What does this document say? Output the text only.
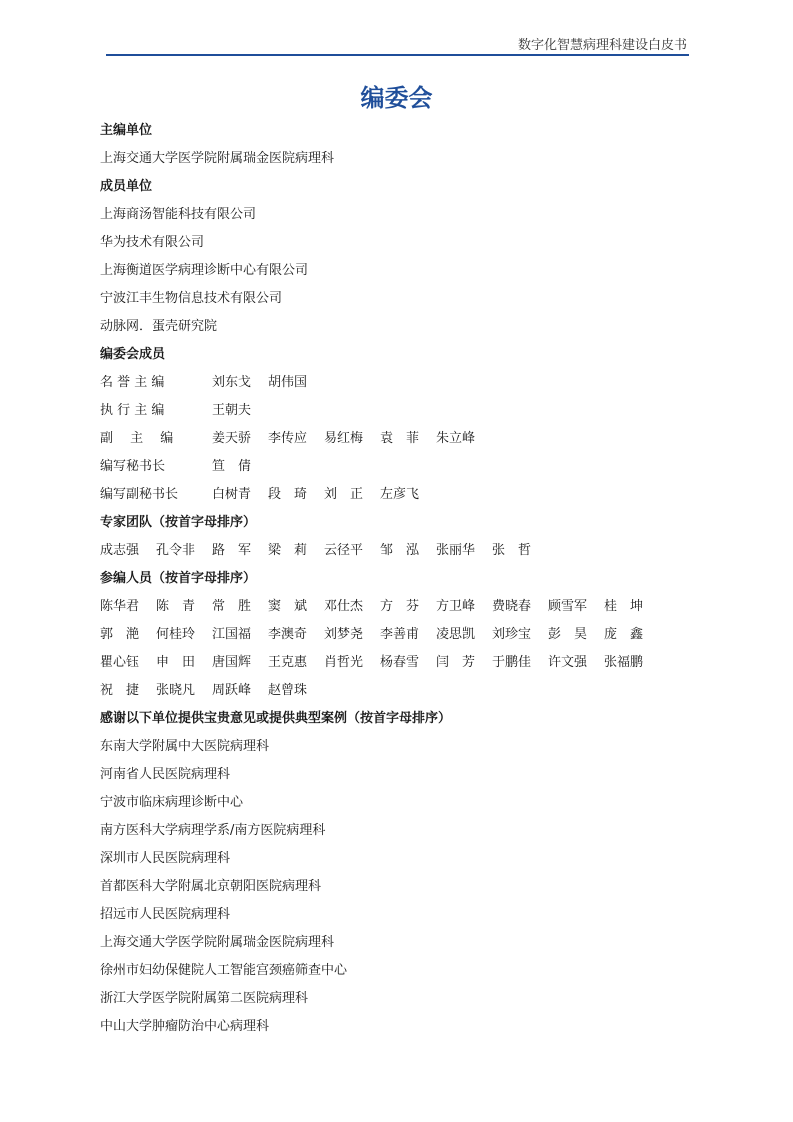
数字化智慧病理科建设白皮书
编委会
主编单位
上海交通大学医学院附属瑞金医院病理科
成员单位
上海商汤智能科技有限公司
华为技术有限公司
上海衡道医学病理诊断中心有限公司
宁波江丰生物信息技术有限公司
动脉网．蛋壳研究院
编委会成员
名 誉 主 编	刘东戈	胡伟国
执 行 主 编	王朝夫
副 　主 　编	姜天骄	李传应	易红梅	袁　菲	朱立峰
编写秘书长	笪　倩
编写副秘书长	白树青	段　琦	刘　正	左彦飞
专家团队（按首字母排序）
成志强	孔令非	路　军	梁　莉	云径平	邹　泓	张丽华	张　哲
参编人员（按首字母排序）
陈华君	陈　青	常　胜	窦　斌	邓仕杰	方　芬	方卫峰	费晓春	顾雪军	桂　坤
郭　滟	何桂玲	江国福	李澳奇	刘梦尧	李善甫	凌思凯	刘珍宝	彭　昊	庞　鑫
瞿心钰	申　田	唐国辉	王克惠	肖哲光	杨春雪	闫　芳	于鹏佳	许文强	张福鹏
祝　捷	张晓凡	周跃峰	赵曾珠
感谢以下单位提供宝贵意见或提供典型案例（按首字母排序）
东南大学附属中大医院病理科
河南省人民医院病理科
宁波市临床病理诊断中心
南方医科大学病理学系/南方医院病理科
深圳市人民医院病理科
首都医科大学附属北京朝阳医院病理科
招远市人民医院病理科
上海交通大学医学院附属瑞金医院病理科
徐州市妇幼保健院人工智能宫颈癌筛查中心
浙江大学医学院附属第二医院病理科
中山大学肿瘤防治中心病理科
